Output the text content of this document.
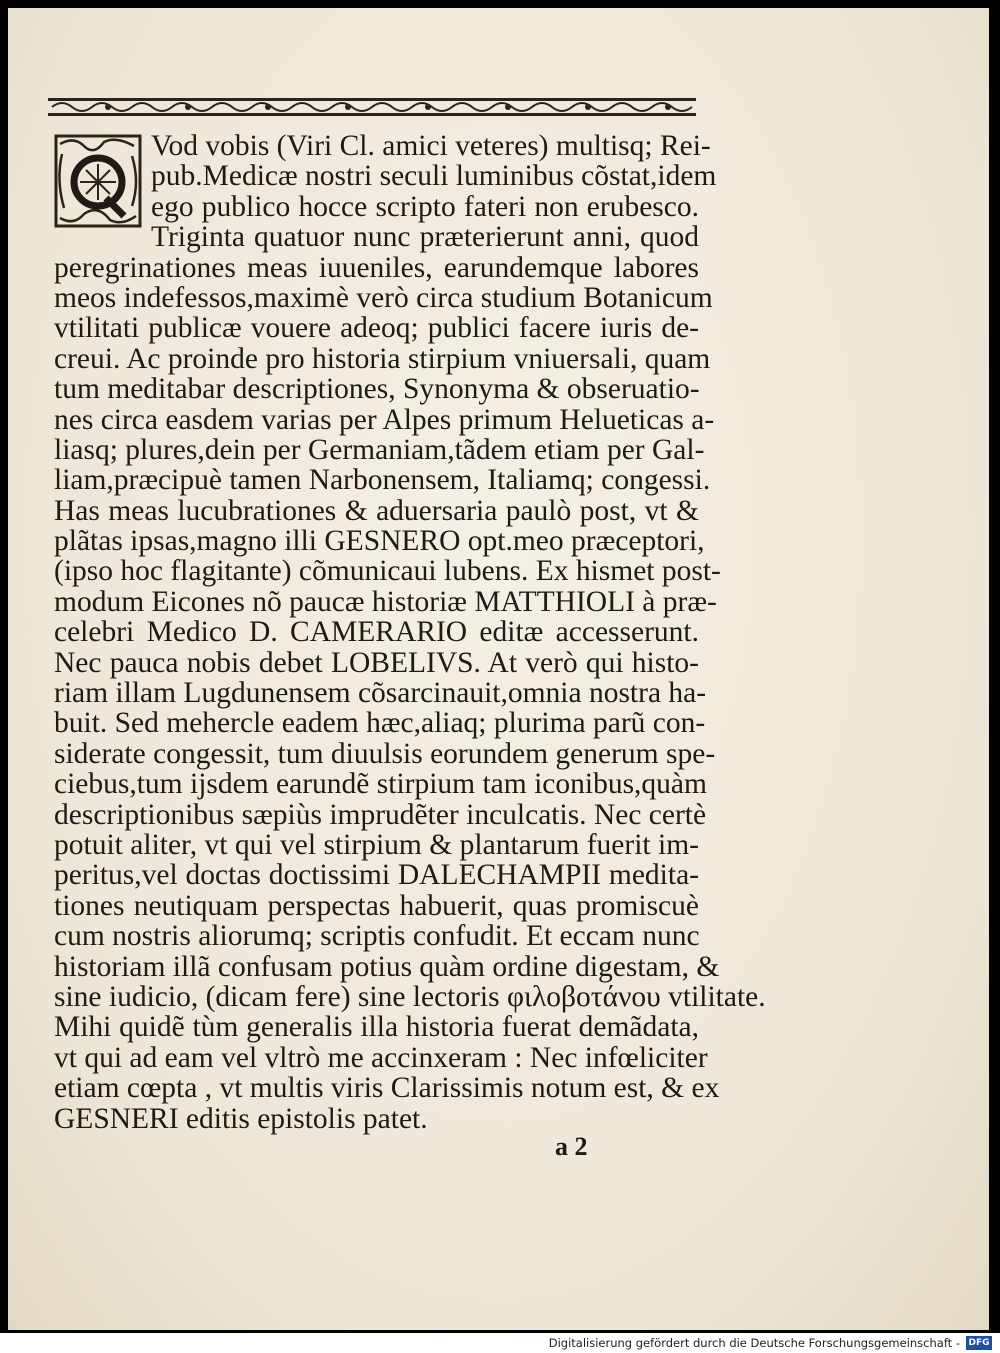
Vod vobis (Viri Cl. amici veteres) multisq; Rei-
pub.Medicæ nostri seculi luminibus cõstat,idem
ego publico hocce scripto fateri non erubesco.
Triginta quatuor nunc præterierunt anni, quod
peregrinationes meas iuueniles, earundemque labores
meos indefessos,maximè verò circa studium Botanicum
vtilitati publicæ vouere adeoq; publici facere iuris de-
creui. Ac proinde pro historia stirpium vniuersali, quam
tum meditabar descriptiones, Synonyma & obseruatio-
nes circa easdem varias per Alpes primum Helueticas a-
liasq; plures,dein per Germaniam,tãdem etiam per Gal-
liam,præcipuè tamen Narbonensem, Italiamq; congessi.
Has meas lucubrationes & aduersaria paulò post, vt &
plãtas ipsas,magno illi GESNERO opt.meo præceptori,
(ipso hoc flagitante) cõmunicaui lubens. Ex hismet post-
modum Eicones nõ paucæ historiæ MATTHIOLI à præ-
celebri Medico D. CAMERARIO editæ accesserunt.
Nec pauca nobis debet LOBELIVS. At verò qui histo-
riam illam Lugdunensem cõsarcinauit,omnia nostra ha-
buit. Sed mehercle eadem hæc,aliaq; plurima parũ con-
siderate congessit, tum diuulsis eorundem generum spe-
ciebus,tum ijsdem earundẽ stirpium tam iconibus,quàm
descriptionibus sæpiùs imprudẽter inculcatis. Nec certè
potuit aliter, vt qui vel stirpium & plantarum fuerit im-
peritus,vel doctas doctissimi DALECHAMPII medita-
tiones neutiquam perspectas habuerit, quas promiscuè
cum nostris aliorumq; scriptis confudit. Et eccam nunc
historiam illã confusam potius quàm ordine digestam, &
sine iudicio, (dicam fere) sine lectoris φιλοβοτάνου vtilitate.
Mihi quidẽ tùm generalis illa historia fuerat demãdata,
vt qui ad eam vel vltrò me accinxeram : Nec infœliciter
etiam cœpta , vt multis viris Clarissimis notum est, & ex
GESNERI editis epistolis patet.
a 2
Digitalisierung gefördert durch die Deutsche Forschungsgemeinschaft - DFG
